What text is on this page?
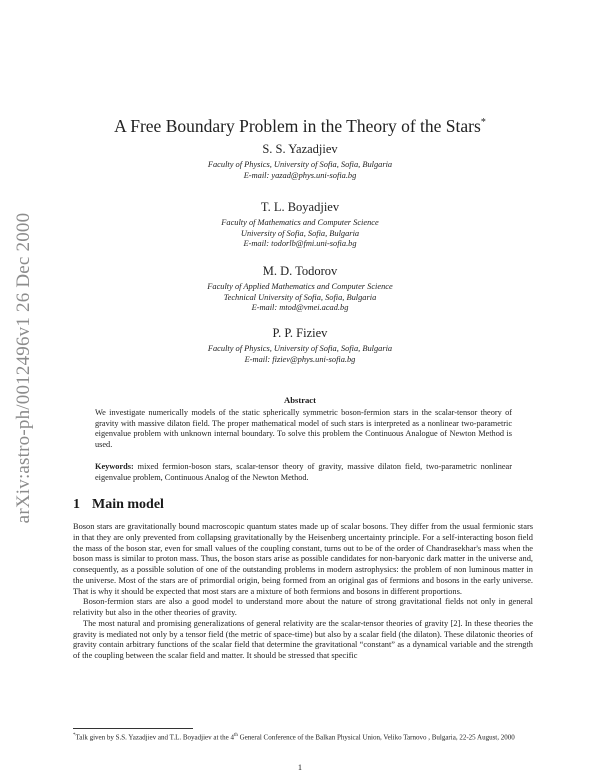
arXiv:astro-ph/0012496v1 26 Dec 2000
A Free Boundary Problem in the Theory of the Stars*
S. S. Yazadjiev
Faculty of Physics, University of Sofia, Sofia, Bulgaria
E-mail: yazad@phys.uni-sofia.bg
T. L. Boyadjiev
Faculty of Mathematics and Computer Science
University of Sofia, Sofia, Bulgaria
E-mail: todorlb@fmi.uni-sofia.bg
M. D. Todorov
Faculty of Applied Mathematics and Computer Science
Technical University of Sofia, Sofia, Bulgaria
E-mail: mtod@vmei.acad.bg
P. P. Fiziev
Faculty of Physics, University of Sofia, Sofia, Bulgaria
E-mail: fiziev@phys.uni-sofia.bg
Abstract
We investigate numerically models of the static spherically symmetric boson-fermion stars in the scalar-tensor theory of gravity with massive dilaton field. The proper mathematical model of such stars is interpreted as a nonlinear two-parametric eigenvalue problem with unknown internal boundary. To solve this problem the Continuous Analogue of Newton Method is used.
Keywords: mixed fermion-boson stars, scalar-tensor theory of gravity, massive dilaton field, two-parametric nonlinear eigenvalue problem, Continuous Analog of the Newton Method.
1 Main model

Boson stars are gravitationally bound macroscopic quantum states made up of scalar bosons. They differ from the usual fermionic stars in that they are only prevented from collapsing gravitationally by the Heisenberg uncertainty principle. For a self-interacting boson field the mass of the boson star, even for small values of the coupling constant, turns out to be of the order of Chandrasekhar's mass when the boson mass is similar to proton mass. Thus, the boson stars arise as possible candidates for non-baryonic dark matter in the universe and, consequently, as a possible solution of one of the outstanding problems in modern astrophysics: the problem of non luminous matter in the universe. Most of the stars are of primordial origin, being formed from an original gas of fermions and bosons in the early universe. That is why it should be expected that most stars are a mixture of both fermions and bosons in different proportions.

Boson-fermion stars are also a good model to understand more about the nature of strong gravitational fields not only in general relativity but also in the other theories of gravity.

The most natural and promising generalizations of general relativity are the scalar-tensor theories of gravity [2]. In these theories the gravity is mediated not only by a tensor field (the metric of space-time) but also by a scalar field (the dilaton). These dilatonic theories of gravity contain arbitrary functions of the scalar field that determine the gravitational “constant” as a dynamical variable and the strength of the coupling between the scalar field and matter. It should be stressed that specific

*Talk given by S.S. Yazadjiev and T.L. Boyadjiev at the 4th General Conference of the Balkan Physical Union, Veliko Tarnovo , Bulgaria, 22-25 August, 2000
1
